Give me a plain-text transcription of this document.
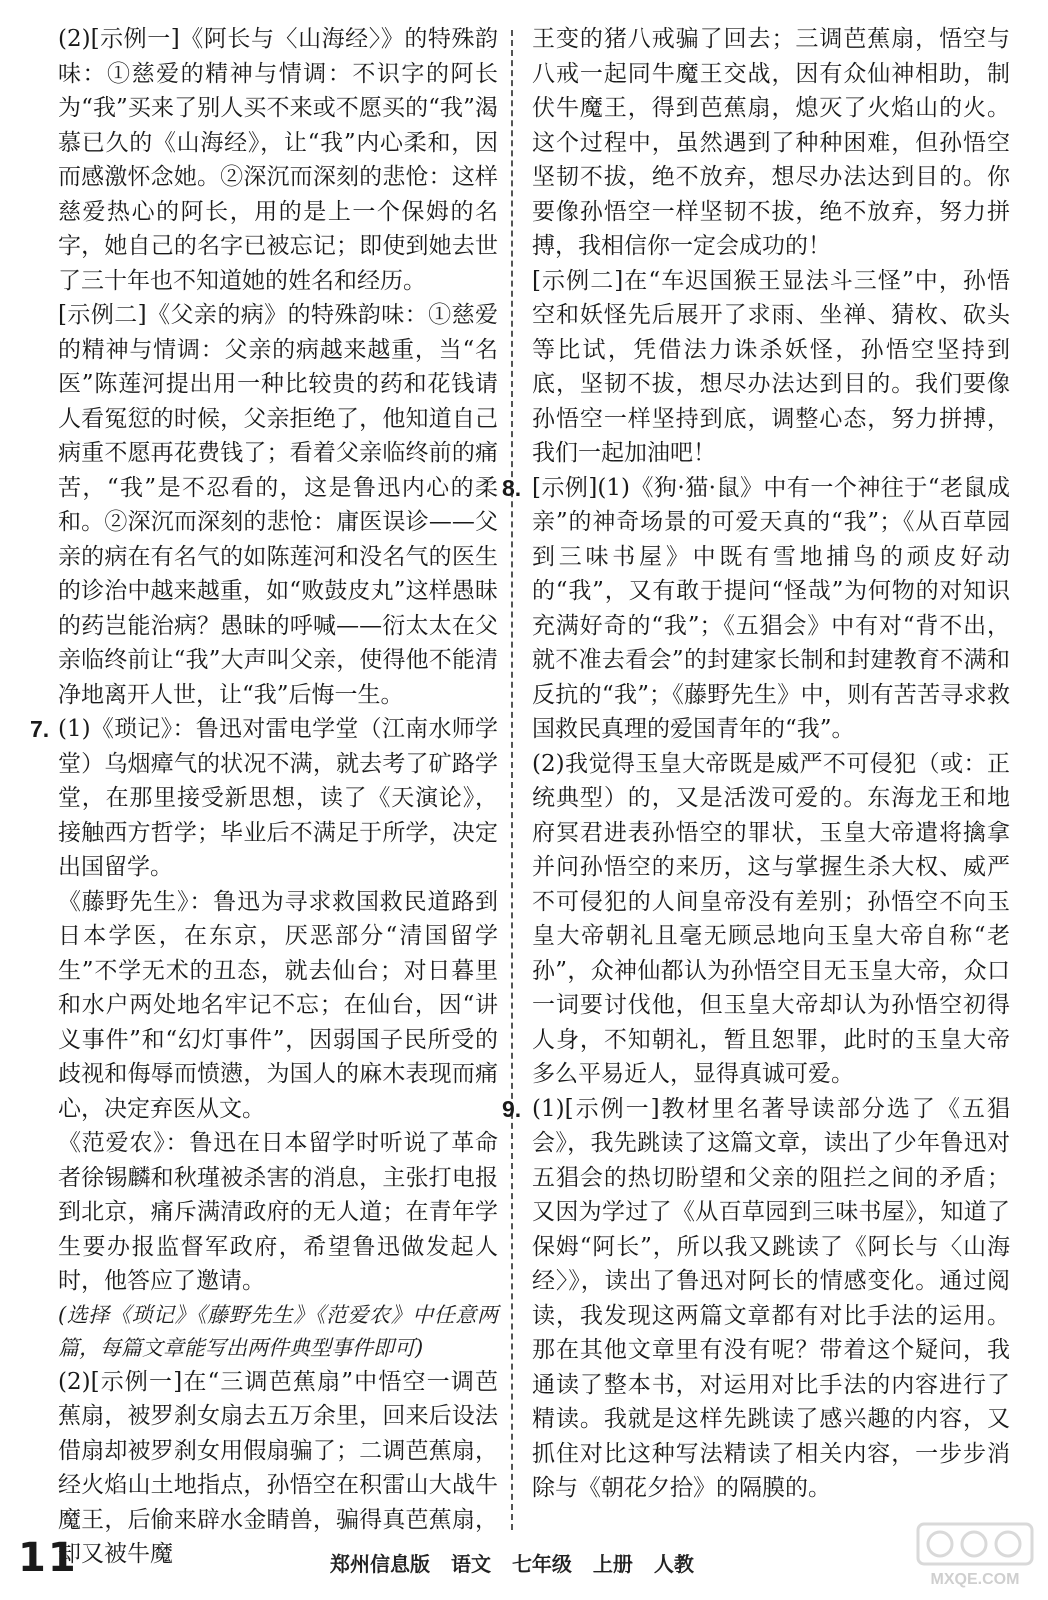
(2)[示例一]《阿长与〈山海经〉》的特殊韵味：①慈爱的精神与情调：不识字的阿长为“我”买来了别人买不来或不愿买的“我”渴慕已久的《山海经》，让“我”内心柔和，因而感激怀念她。②深沉而深刻的悲怆：这样慈爱热心的阿长，用的是上一个保姆的名字，她自己的名字已被忘记；即使到她去世了三十年也不知道她的姓名和经历。

[示例二]《父亲的病》的特殊韵味：①慈爱的精神与情调：父亲的病越来越重，当“名医”陈莲河提出用一种比较贵的药和花钱请人看冤愆的时候，父亲拒绝了，他知道自己病重不愿再花费钱了；看着父亲临终前的痛苦，“我”是不忍看的，这是鲁迅内心的柔和。②深沉而深刻的悲怆：庸医误诊——父亲的病在有名气的如陈莲河和没名气的医生的诊治中越来越重，如“败鼓皮丸”这样愚昧的药岂能治病？愚昧的呼喊——衍太太在父亲临终前让“我”大声叫父亲，使得他不能清净地离开人世，让“我”后悔一生。

7. (1)《琐记》：鲁迅对雷电学堂（江南水师学堂）乌烟瘴气的状况不满，就去考了矿路学堂，在那里接受新思想，读了《天演论》，接触西方哲学；毕业后不满足于所学，决定出国留学。

《藤野先生》：鲁迅为寻求救国救民道路到日本学医，在东京，厌恶部分“清国留学生”不学无术的丑态，就去仙台；对日暮里和水户两处地名牢记不忘；在仙台，因“讲义事件”和“幻灯事件”，因弱国子民所受的歧视和侮辱而愤懑，为国人的麻木表现而痛心，决定弃医从文。

《范爱农》：鲁迅在日本留学时听说了革命者徐锡麟和秋瑾被杀害的消息，主张打电报到北京，痛斥满清政府的无人道；在青年学生要办报监督军政府，希望鲁迅做发起人时，他答应了邀请。

(选择《琐记》《藤野先生》《范爱农》中任意两篇，每篇文章能写出两件典型事件即可)

(2)[示例一]在“三调芭蕉扇”中悟空一调芭蕉扇，被罗刹女扇去五万余里，回来后设法借扇却被罗刹女用假扇骗了；二调芭蕉扇，经火焰山土地指点，孙悟空在积雷山大战牛魔王，后偷来辟水金睛兽，骗得真芭蕉扇，却又被牛魔

王变的猪八戒骗了回去；三调芭蕉扇，悟空与八戒一起同牛魔王交战，因有众仙神相助，制伏牛魔王，得到芭蕉扇，熄灭了火焰山的火。这个过程中，虽然遇到了种种困难，但孙悟空坚韧不拔，绝不放弃，想尽办法达到目的。你要像孙悟空一样坚韧不拔，绝不放弃，努力拼搏，我相信你一定会成功的！

[示例二]在“车迟国猴王显法斗三怪”中，孙悟空和妖怪先后展开了求雨、坐禅、猜枚、砍头等比试，凭借法力诛杀妖怪，孙悟空坚持到底，坚韧不拔，想尽办法达到目的。我们要像孙悟空一样坚持到底，调整心态，努力拼搏，我们一起加油吧！

8. [示例](1)《狗·猫·鼠》中有一个神往于“老鼠成亲”的神奇场景的可爱天真的“我”；《从百草园到三味书屋》中既有雪地捕鸟的顽皮好动的“我”，又有敢于提问“怪哉”为何物的对知识充满好奇的“我”；《五猖会》中有对“背不出，就不准去看会”的封建家长制和封建教育不满和反抗的“我”；《藤野先生》中，则有苦苦寻求救国救民真理的爱国青年的“我”。

(2)我觉得玉皇大帝既是威严不可侵犯（或：正统典型）的，又是活泼可爱的。东海龙王和地府冥君进表孙悟空的罪状，玉皇大帝遣将擒拿并问孙悟空的来历，这与掌握生杀大权、威严不可侵犯的人间皇帝没有差别；孙悟空不向玉皇大帝朝礼且毫无顾忌地向玉皇大帝自称“老孙”，众神仙都认为孙悟空目无玉皇大帝，众口一词要讨伐他，但玉皇大帝却认为孙悟空初得人身，不知朝礼，暂且恕罪，此时的玉皇大帝多么平易近人，显得真诚可爱。

9. (1)[示例一]教材里名著导读部分选了《五猖会》，我先跳读了这篇文章，读出了少年鲁迅对五猖会的热切盼望和父亲的阻拦之间的矛盾；又因为学过了《从百草园到三味书屋》，知道了保姆“阿长”，所以我又跳读了《阿长与〈山海经〉》，读出了鲁迅对阿长的情感变化。通过阅读，我发现这两篇文章都有对比手法的运用。那在其他文章里有没有呢？带着这个疑问，我通读了整本书，对运用对比手法的内容进行了精读。我就是这样先跳读了感兴趣的内容，又抓住对比这种写法精读了相关内容，一步步消除与《朝花夕拾》的隔膜的。

11	郑州信息版 语文 七年级 上册 人教
MXQE.COM
